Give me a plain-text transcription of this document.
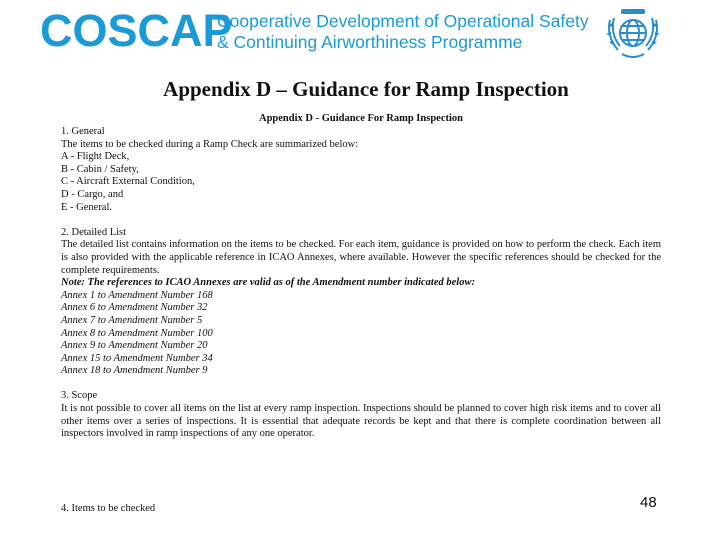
COSCAP
Cooperative Development of Operational Safety
& Continuing Airworthiness Programme
Appendix D – Guidance for Ramp Inspection
Appendix D - Guidance For Ramp Inspection

1. General

The items to be checked during a Ramp Check are summarized below:

A - Flight Deck,

B - Cabin / Safety,

C - Aircraft External Condition,

D - Cargo, and

E - General.

2. Detailed List

The detailed list contains information on the items to be checked. For each item, guidance is provided on how to perform the check. Each item is also provided with the applicable reference in ICAO Annexes, where available. However the specific references should be checked for the complete requirements.

Note: The references to ICAO Annexes are valid as of the Amendment number indicated below:

Annex 1 to Amendment Number 168

Annex 6 to Amendment Number 32

Annex 7 to Amendment Number 5

Annex 8 to Amendment Number 100

Annex 9 to Amendment Number 20

Annex 15 to Amendment Number 34

Annex 18 to Amendment Number 9

3. Scope

It is not possible to cover all items on the list at every ramp inspection. Inspections should be planned to cover high risk items and to cover all other items over a series of inspections. It is essential that adequate records be kept and that there is complete coordination between all inspectors involved in ramp inspections of any one operator.

4. Items to be checked	48
